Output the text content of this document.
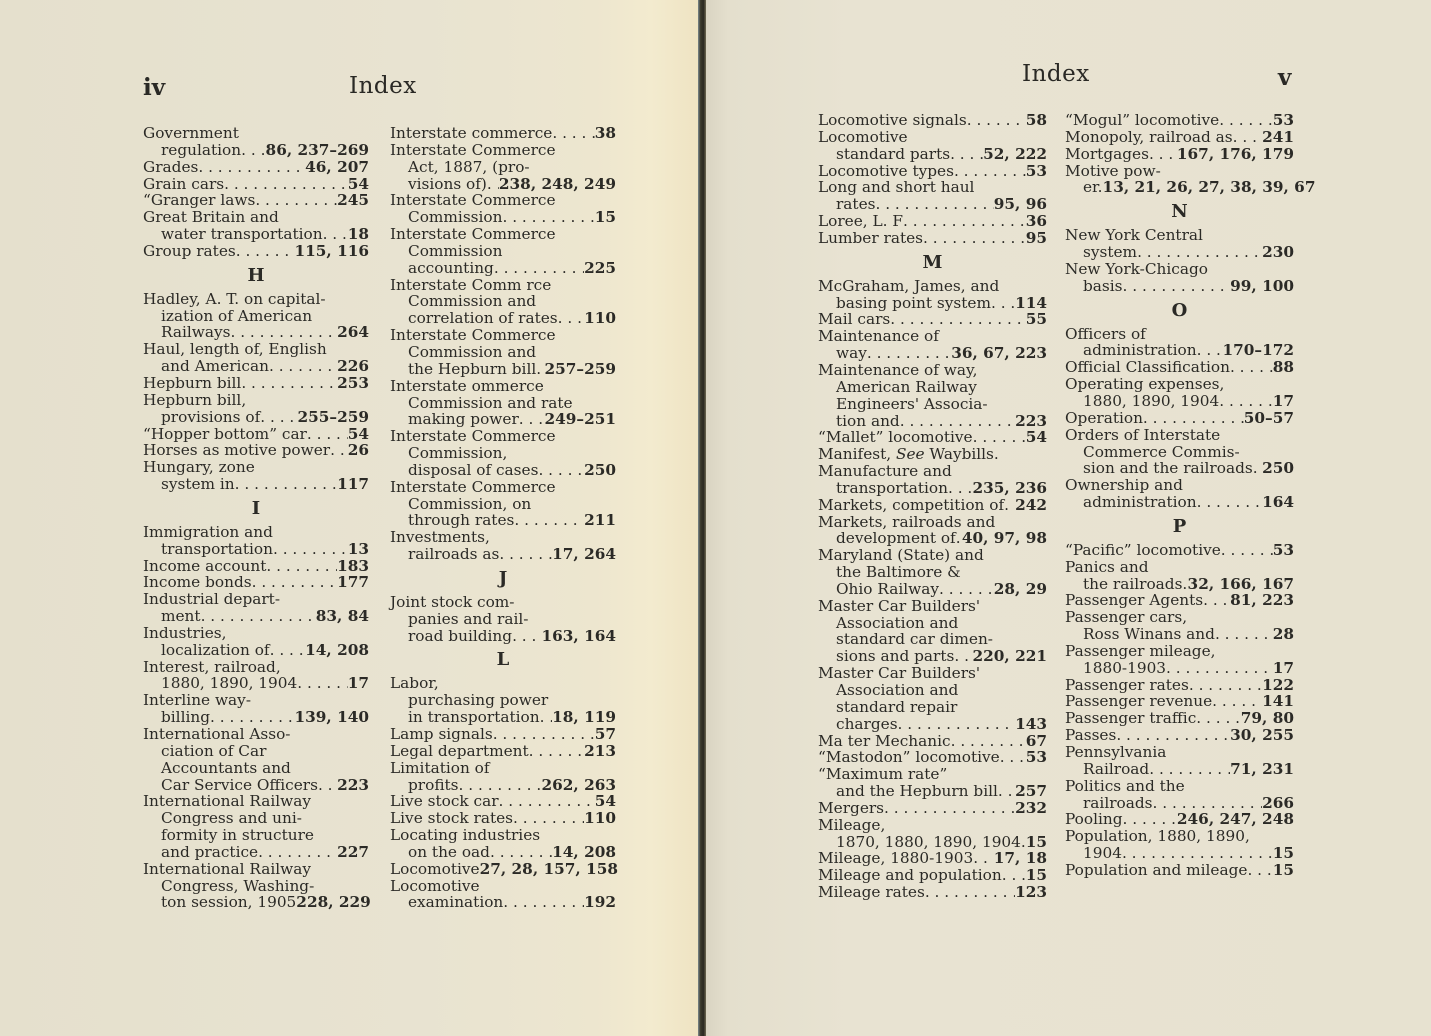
iv	Index
Government
regulation . . . 86, 237–269
Grades . . .	46, 207
Grain cars . . .	54
“Granger laws . . .	245
Great Britain and
water transportation . . . 18
Group rates . . .	115, 116
H
Hadley, A. T. on capital-
ization of American
Railways . . .	264
Haul, length of, English
and American . . .	226
Hepburn bill . . .	253
Hepburn bill,
provisions of . . . 255–259
“Hopper bottom” car . . .	54
Horses as motive power . . . 26
Hungary, zone
system in . . .	117
I
Immigration and
transportation . . .	13
Income account . . .	183
Income bonds . . .	177
Industrial depart-
ment . . .	83, 84
Industries,
localization of . . . 14, 208
Interest, railroad,
1880, 1890, 1904 . . .	17
Interline way-
billing . . .	139, 140
International Asso-
ciation of Car
Accountants and
Car Service Officers . . . 223
International Railway
Congress and uni-
formity in structure
and practice . . .	227
International Railway
Congress, Washing-
ton session, 1905 228, 229
Interstate commerce . . .	38
Interstate Commerce
Act, 1887, (pro-
visions of) . . . 238, 248, 249
Interstate Commerce
Commission . . .	15
Interstate Commerce
Commission
accounting . . .	225
Interstate Comm rce
Commission and
correlation of rates . . . 110
Interstate Commerce
Commission and
the Hepburn bill . . . 257–259
Interstate ommerce
Commission and rate
making power . . . 249–251
Interstate Commerce
Commission,
disposal of cases . . .	250
Interstate Commerce
Commission, on
through rates . . .	211
Investments,
railroads as . . .	17, 264
J
Joint stock com-
panies and rail-
road building . . . 163, 164
L
Labor,
purchasing power
in transportation . . . 18, 119
Lamp signals . . .	57
Legal department . . .	213
Limitation of
profits . . .	262, 263
Live stock car . . .	54
Live stock rates . . .	110
Locating industries
on the oad . . .	14, 208
Locomotive 27, 28, 157, 158
Locomotive
examination . . .	192
Index	v
Locomotive signals . . .	58
Locomotive
standard parts . . . 52, 222
Locomotive types . . .	53
Long and short haul
rates . . .	95, 96
Loree, L. F . . .	36
Lumber rates . . .	95
M
McGraham, James, and
basing point system . . . 114
Mail cars . . .	55
Maintenance of
way . . .	36, 67, 223
Maintenance of way,
American Railway
Engineers' Associa-
tion and . . .	223
“Mallet” locomotive . . .	54
Manifest, See Waybills.
Manufacture and
transportation . . . 235, 236
Markets, competition of . . . 242
Markets, railroads and
development of . . . 40, 97, 98
Maryland (State) and
the Baltimore &
Ohio Railway . . .	28, 29
Master Car Builders'
Association and
standard car dimen-
sions and parts . . . 220, 221
Master Car Builders'
Association and
standard repair
charges . . .	143
Ma ter Mechanic . . .	67
“Mastodon” locomotive . . . 53
“Maximum rate”
and the Hepburn bill . . . 257
Mergers . . .	232
Mileage,
1870, 1880, 1890, 1904 . . . 15
Mileage, 1880-1903 . . . 17, 18
Mileage and population . . . 15
Mileage rates . . .	123
“Mogul” locomotive . . .	53
Monopoly, railroad as . . . 241
Mortgages . . . 167, 176, 179
Motive pow-
er. 13, 21, 26, 27, 38, 39, 67
N
New York Central
system . . .	230
New York-Chicago
basis . . .	99, 100
O
Officers of
administration . . . 170–172
Official Classification . . .	88
Operating expenses,
1880, 1890, 1904 . . .	17
Operation . . .	50–57
Orders of Interstate
Commerce Commis-
sion and the railroads . . . 250
Ownership and
administration . . .	164
P
“Pacific” locomotive . . .	53
Panics and
the railroads . . . 32, 166, 167
Passenger Agents . . . 81, 223
Passenger cars,
Ross Winans and . . .	28
Passenger mileage,
1880-1903 . . .	17
Passenger rates . . .	122
Passenger revenue . . .	141
Passenger traffic . . .	79, 80
Passes . . .	30, 255
Pennsylvania
Railroad . . .	71, 231
Politics and the
railroads . . .	266
Pooling . . .	246, 247, 248
Population, 1880, 1890,
1904 . . .	15
Population and mileage . . . 15
